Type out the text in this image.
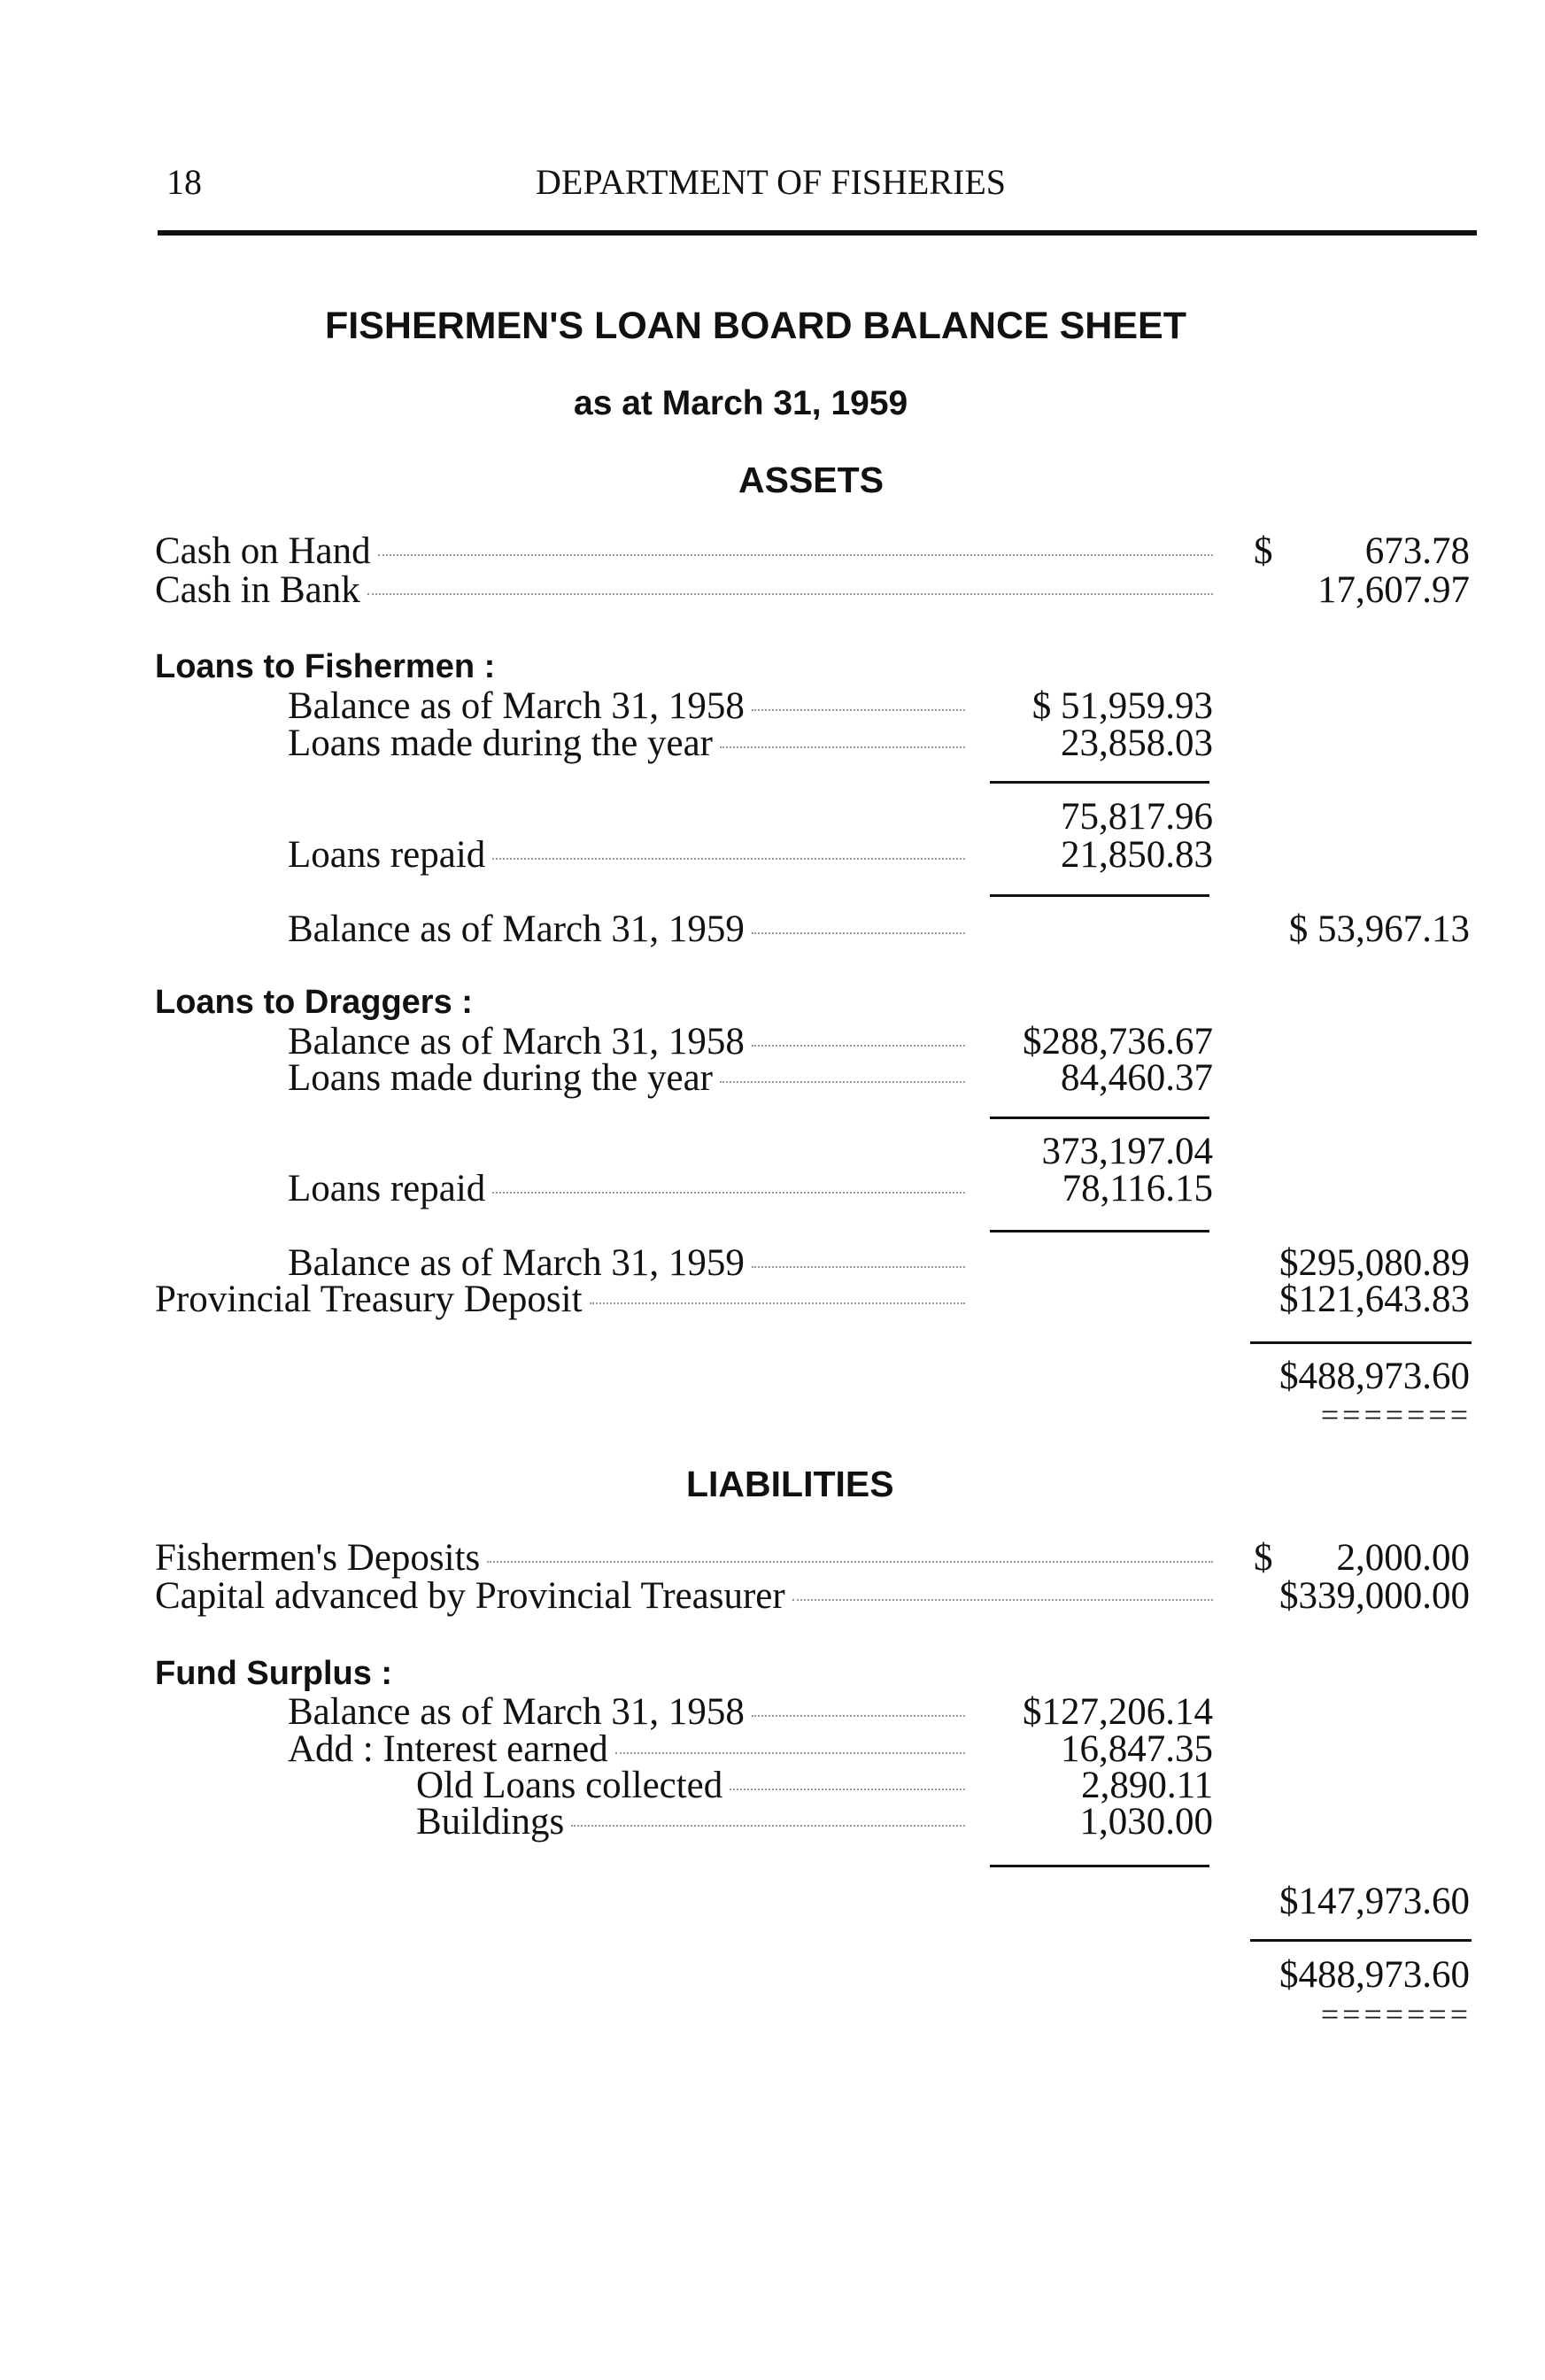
18	DEPARTMENT OF FISHERIES
FISHERMEN'S LOAN BOARD BALANCE SHEET
as at March 31, 1959
ASSETS
Cash on Hand	$	673.78
Cash in Bank	17,607.97
Loans to Fishermen :
Balance as of March 31, 1958	$ 51,959.93
Loans made during the year	23,858.03
75,817.96
Loans repaid	21,850.83
Balance as of March 31, 1959	$ 53,967.13
Loans to Draggers :
Balance as of March 31, 1958	$288,736.67
Loans made during the year	84,460.37
373,197.04
Loans repaid	78,116.15
Balance as of March 31, 1959	$295,080.89
Provincial Treasury Deposit	$121,643.83
$488,973.60
=======
LIABILITIES
Fishermen's Deposits	$	2,000.00
Capital advanced by Provincial Treasurer	$339,000.00
Fund Surplus :
Balance as of March 31, 1958	$127,206.14
Add : Interest earned	16,847.35
Old Loans collected	2,890.11
Buildings	1,030.00
$147,973.60
$488,973.60
=======
